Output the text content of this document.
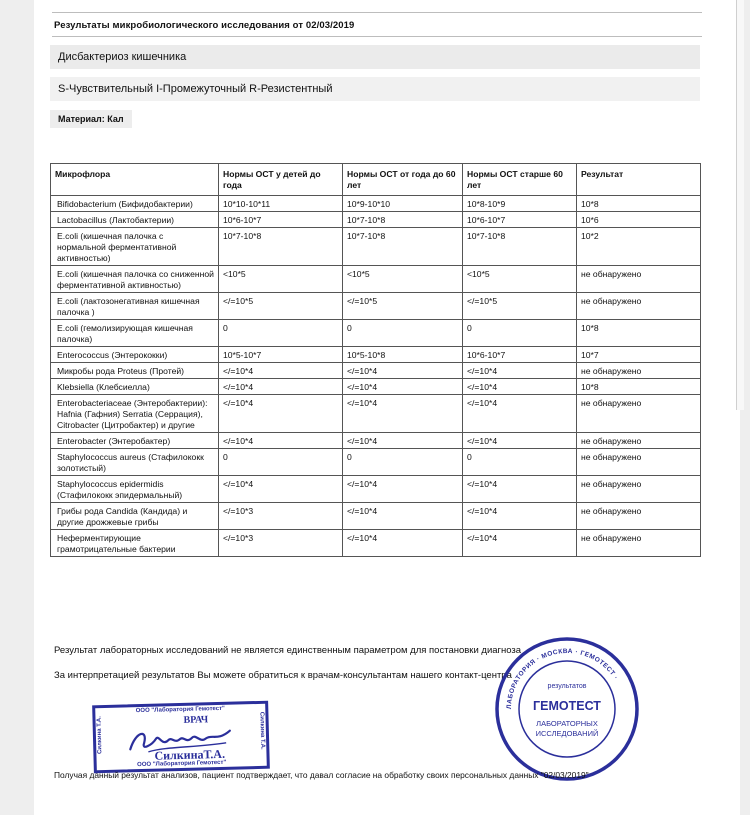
Результаты микробиологического исследования от 02/03/2019
Дисбактериоз кишечника
S-Чувствительный I-Промежуточный R-Резистентный
Материал: Кал
Микрофлора	Нормы ОСТ у детей до года	Нормы ОСТ от года до 60 лет	Нормы ОСТ старше 60 лет	Результат
Bifidobacterium (Бифидобактерии)	10*10-10*11	10*9-10*10	10*8-10*9	10*8
Lactobacillus (Лактобактерии)	10*6-10*7	10*7-10*8	10*6-10*7	10*6
E.coli (кишечная палочка с нормальной ферментативной активностью)	10*7-10*8	10*7-10*8	10*7-10*8	10*2
E.coli (кишечная палочка со сниженной ферментативной активностью)	<10*5	<10*5	<10*5	не обнаружено
E.coli (лактозонегативная кишечная палочка )	</=10*5	</=10*5	</=10*5	не обнаружено
E.coli (гемолизирующая кишечная палочка)	0	0	0	10*8
Enterococcus (Энтерококки)	10*5-10*7	10*5-10*8	10*6-10*7	10*7
Микробы рода Proteus (Протей)	</=10*4	</=10*4	</=10*4	не обнаружено
Klebsiella (Клебсиелла)	</=10*4	</=10*4	</=10*4	10*8
Enterobacteriaceae (Энтеробактерии): Hafnia (Гафния) Serratia (Серрация), Citrobacter (Цитробактер) и другие	</=10*4	</=10*4	</=10*4	не обнаружено
Enterobacter (Энтеробактер)	</=10*4	</=10*4	</=10*4	не обнаружено
Staphylococcus aureus (Стафилококк золотистый)	0	0	0	не обнаружено
Staphylococcus epidermidis (Стафилококк эпидермальный)	</=10*4	</=10*4	</=10*4	не обнаружено
Грибы рода Candida (Кандида) и другие дрожжевые грибы	</=10*3	</=10*4	</=10*4	не обнаружено
Неферментирующие грамотрицательные бактерии	</=10*3	</=10*4	</=10*4	не обнаружено
Результат лабораторных исследований не является единственным параметром для постановки диагноза
За интерпретацией результатов Вы можете обратиться к врачам-консультантам нашего контакт-центра
ООО "Лаборатория Гемотест"
Силкина Т.А.	Силкина Т.А.
ВРАЧ
СилкинаТ.А.
ООО "Лаборатория Гемотест"
ЛАБОРАТОРИЯ · МОСКВА · ГЕМОТЕСТ ·
результатов
ГЕМОТЕСТ
ЛАБОРАТОРНЫХ
ИССЛЕДОВАНИЙ
Получая данный результат анализов, пациент подтверждает, что давал согласие на обработку своих персональных данных "02/03/2019"
